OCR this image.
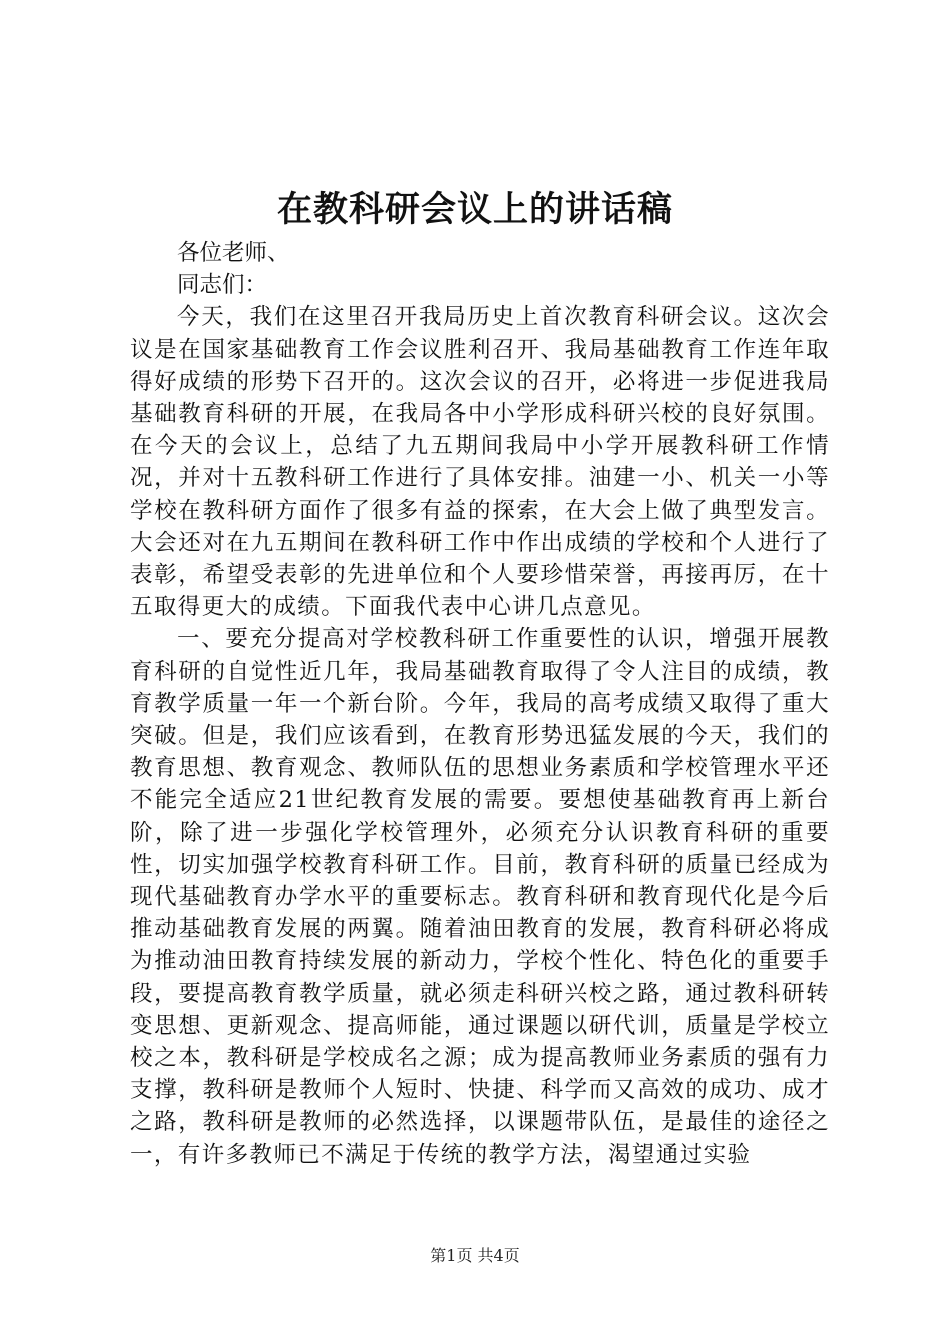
在教科研会议上的讲话稿

各位老师、

同志们：

今天，我们在这里召开我局历史上首次教育科研会议。这次会议是在国家基础教育工作会议胜利召开、我局基础教育工作连年取得好成绩的形势下召开的。这次会议的召开，必将进一步促进我局基础教育科研的开展，在我局各中小学形成科研兴校的良好氛围。在今天的会议上，总结了九五期间我局中小学开展教科研工作情况，并对十五教科研工作进行了具体安排。油建一小、机关一小等学校在教科研方面作了很多有益的探索，在大会上做了典型发言。大会还对在九五期间在教科研工作中作出成绩的学校和个人进行了表彰，希望受表彰的先进单位和个人要珍惜荣誉，再接再厉，在十五取得更大的成绩。下面我代表中心讲几点意见。

一、要充分提高对学校教科研工作重要性的认识，增强开展教育科研的自觉性近几年，我局基础教育取得了令人注目的成绩，教育教学质量一年一个新台阶。今年，我局的高考成绩又取得了重大突破。但是，我们应该看到，在教育形势迅猛发展的今天，我们的教育思想、教育观念、教师队伍的思想业务素质和学校管理水平还不能完全适应21世纪教育发展的需要。要想使基础教育再上新台阶，除了进一步强化学校管理外，必须充分认识教育科研的重要性，切实加强学校教育科研工作。目前，教育科研的质量已经成为现代基础教育办学水平的重要标志。教育科研和教育现代化是今后推动基础教育发展的两翼。随着油田教育的发展，教育科研必将成为推动油田教育持续发展的新动力，学校个性化、特色化的重要手段，要提高教育教学质量，就必须走科研兴校之路，通过教科研转变思想、更新观念、提高师能，通过课题以研代训，质量是学校立校之本，教科研是学校成名之源；成为提高教师业务素质的强有力支撑，教科研是教师个人短时、快捷、科学而又高效的成功、成才之路，教科研是教师的必然选择，以课题带队伍，是最佳的途径之一，有许多教师已不满足于传统的教学方法，渴望通过实验

第1页 共4页
